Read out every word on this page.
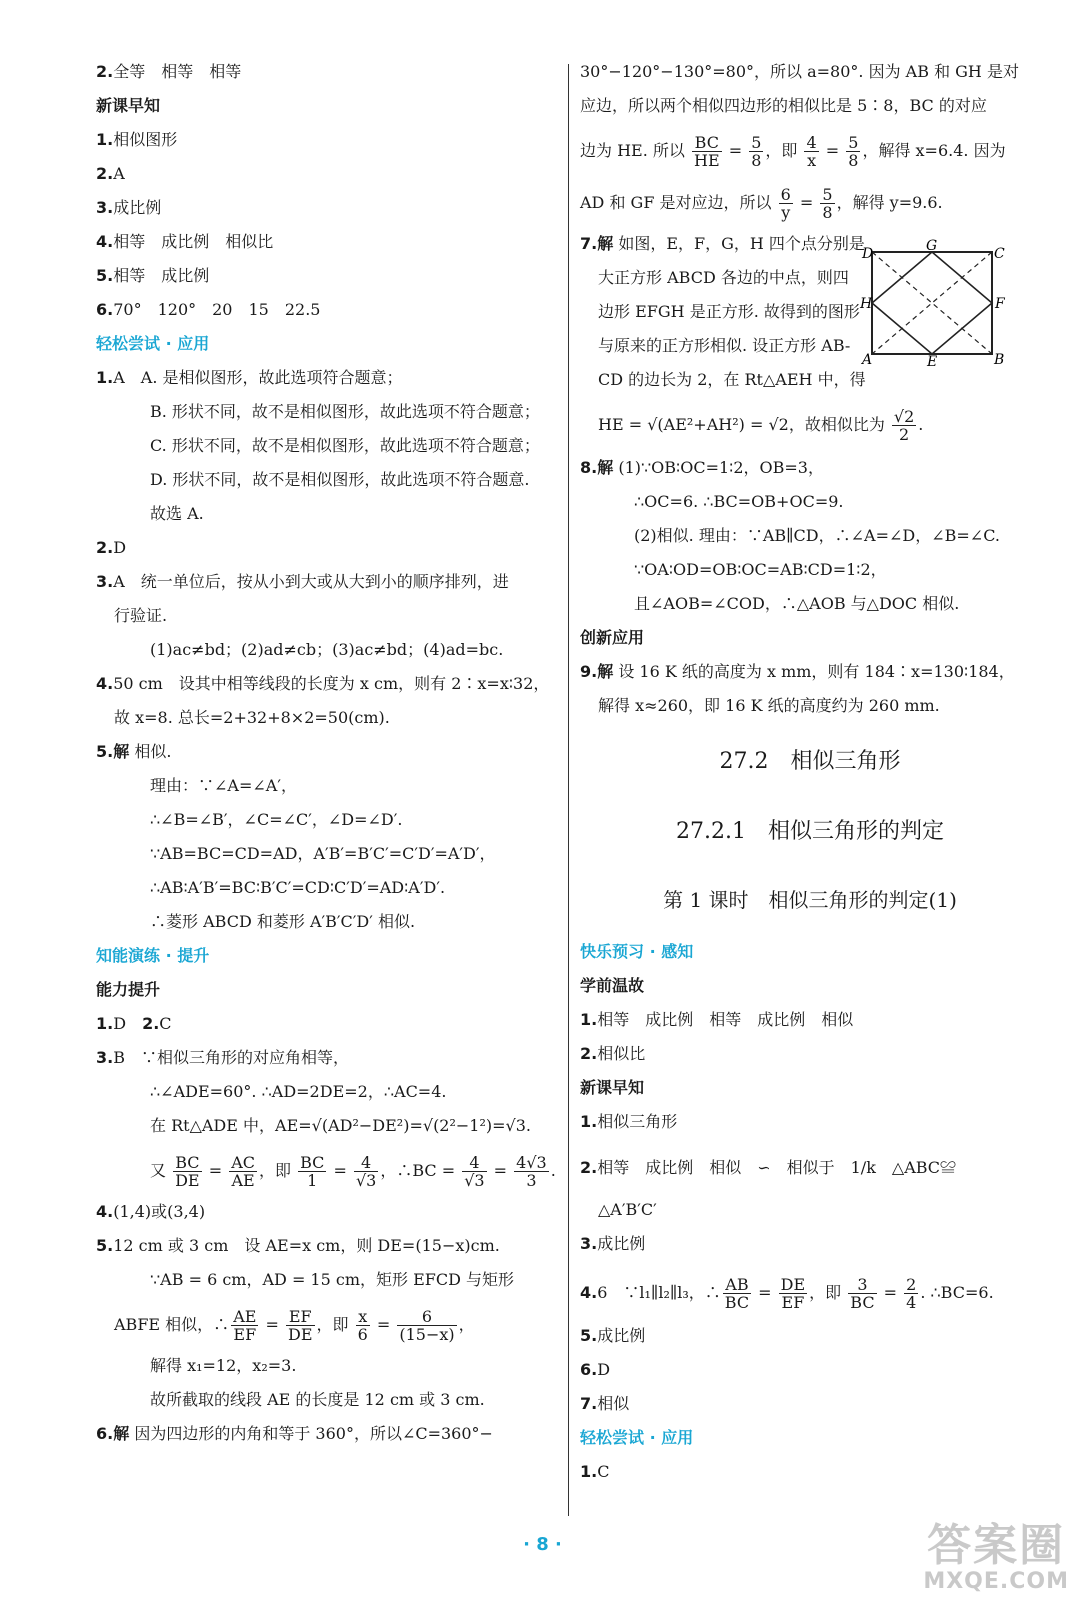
2.全等　相等　相等
新课早知
1.相似图形
2.A
3.成比例
4.相等　成比例　相似比
5.相等　成比例
6.70°　120°　20　15　22.5
轻松尝试 · 应用
1.A　A. 是相似图形，故此选项符合题意；
B. 形状不同，故不是相似图形，故此选项不符合题意；
C. 形状不同，故不是相似图形，故此选项不符合题意；
D. 形状不同，故不是相似图形，故此选项不符合题意.
故选 A.
2.D
3.A　统一单位后，按从小到大或从大到小的顺序排列，进
行验证.
(1)ac≠bd；(2)ad≠cb；(3)ac≠bd；(4)ad=bc.
4.50 cm　设其中相等线段的长度为 x cm，则有 2∶x=x∶32，
故 x=8. 总长=2+32+8×2=50(cm).
5.解 相似.
理由：∵∠A=∠A′，
∴∠B=∠B′，∠C=∠C′，∠D=∠D′.
∵AB=BC=CD=AD，A′B′=B′C′=C′D′=A′D′，
∴AB∶A′B′=BC∶B′C′=CD∶C′D′=AD∶A′D′.
∴菱形 ABCD 和菱形 A′B′C′D′ 相似.
知能演练 · 提升
能力提升
1.D　2.C
3.B　∵相似三角形的对应角相等，
∴∠ADE=60°. ∴AD=2DE=2，∴AC=4.
在 Rt△ADE 中，AE=√(AD²−DE²)=√(2²−1²)=√3.
又 $\frac{BC}{DE} = \frac{AC}{AE}$ ，即 $\frac{BC}{1} = \frac{4}{√3}$ ，∴BC = $\frac{4}{√3} = \frac{4√3}{3}$ .
4.(1,4)或(3,4)
5.12 cm 或 3 cm　设 AE=x cm，则 DE=(15−x)cm.
∵AB = 6 cm，AD = 15 cm，矩形 EFCD 与矩形
ABFE 相似，∴ $\frac{AE}{EF} = \frac{EF}{DE}$ ，即 $\frac{x}{6} = \frac{6}{(15-x)}$ ，
解得 x₁=12，x₂=3.
故所截取的线段 AE 的长度是 12 cm 或 3 cm.
6.解 因为四边形的内角和等于 360°，所以∠C=360°−
D	G	C
H	F
A	E	B
30°−120°−130°=80°，所以 a=80°. 因为 AB 和 GH 是对
应边，所以两个相似四边形的相似比是 5∶8，BC 的对应
边为 HE. 所以 $\frac{BC}{HE} = \frac{5}{8}$ ，即 $\frac{4}{x} = \frac{5}{8}$ ，解得 x=6.4. 因为
AD 和 GF 是对应边，所以 $\frac{6}{y} = \frac{5}{8}$ ，解得 y=9.6.
7.解 如图，E，F，G，H 四个点分别是
大正方形 ABCD 各边的中点，则四
边形 EFGH 是正方形. 故得到的图形
与原来的正方形相似. 设正方形 AB-
CD 的边长为 2，在 Rt△AEH 中，得
HE = √(AE²+AH²) = √2，故相似比为 $\frac{√2}{2}$ .
8.解 (1)∵OB∶OC=1∶2，OB=3，
∴OC=6. ∴BC=OB+OC=9.
(2)相似. 理由：∵AB∥CD，∴∠A=∠D，∠B=∠C.
∵OA∶OD=OB∶OC=AB∶CD=1∶2，
且∠AOB=∠COD，∴△AOB 与△DOC 相似.
创新应用
9.解 设 16 K 纸的高度为 x mm，则有 184∶x=130∶184，
解得 x≈260，即 16 K 纸的高度约为 260 mm.
27.2　相似三角形
27.2.1　相似三角形的判定
第 1 课时　相似三角形的判定(1)
快乐预习 · 感知
学前温故
1.相等　成比例　相等　成比例　相似
2.相似比
新课早知
1.相似三角形
2.相等　成比例　相似　∽　相似于　1/k　△ABC≌
△A′B′C′
3.成比例
4.6　∵l₁∥l₂∥l₃，∴ $\frac{AB}{BC} = \frac{DE}{EF}$ ，即 $\frac{3}{BC} = \frac{2}{4}$ . ∴BC=6.
5.成比例
6.D
7.相似
轻松尝试 · 应用
1.C
· 8 ·	答案圈
MXQE.COM
